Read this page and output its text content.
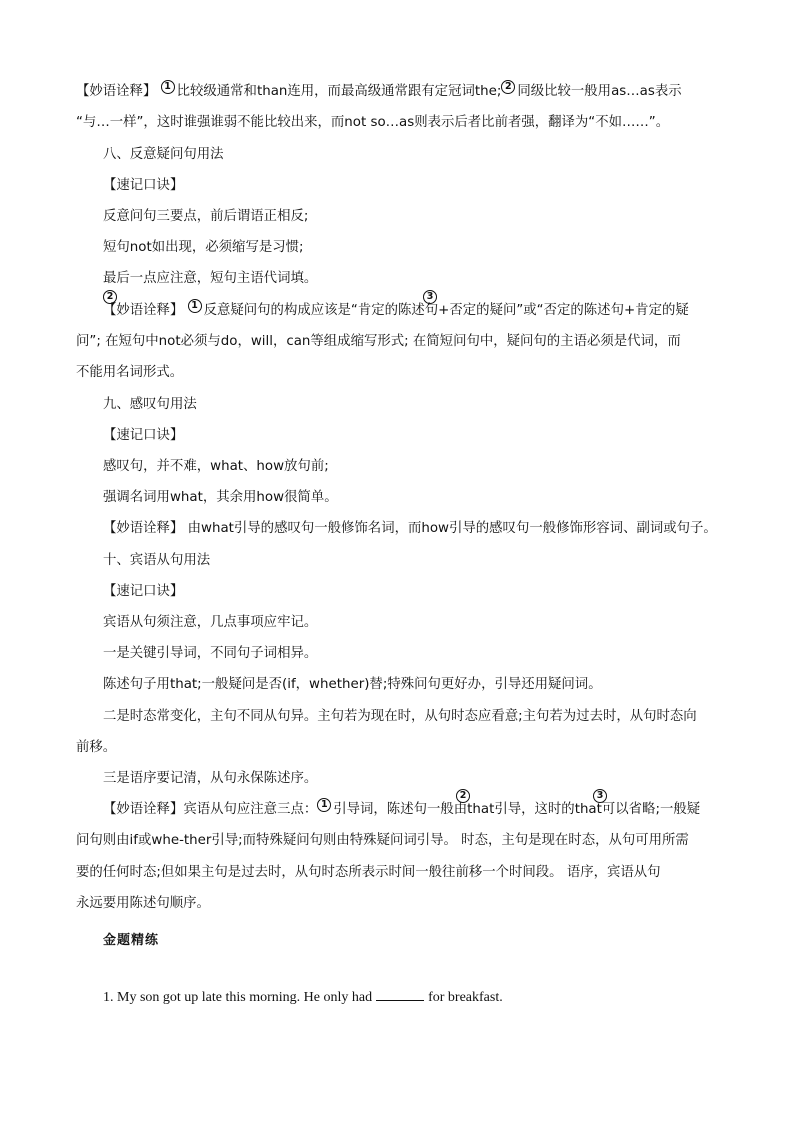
【妙语诠释】 1 比较级通常和than连用，而最高级通常跟有定冠词the; 2 同级比较一般用as…as表示
“与…一样”，这时谁强谁弱不能比较出来，而not so…as则表示后者比前者强，翻译为“不如……”。
八、反意疑问句用法
【速记口诀】
反意问句三要点，前后谓语正相反;
短句not如出现，必须缩写是习惯;
最后一点应注意，短句主语代词填。
2	3
【妙语诠释】 1 反意疑问句的构成应该是“肯定的陈述句+否定的疑问”或“否定的陈述句+肯定的疑
问”; 在短句中not必须与do，will，can等组成缩写形式; 在简短问句中，疑问句的主语必须是代词，而
不能用名词形式。
九、感叹句用法
【速记口诀】
感叹句，并不难，what、how放句前;
强调名词用what，其余用how很简单。
【妙语诠释】 由what引导的感叹句一般修饰名词，而how引导的感叹句一般修饰形容词、副词或句子。
十、宾语从句用法
【速记口诀】
宾语从句须注意，几点事项应牢记。
一是关键引导词，不同句子词相异。
陈述句子用that;一般疑问是否(if，whether)替;特殊问句更好办，引导还用疑问词。
二是时态常变化，主句不同从句异。主句若为现在时，从句时态应看意;主句若为过去时，从句时态向
前移。
三是语序要记清，从句永保陈述序。
2	3
【妙语诠释】宾语从句应注意三点： 1 引导词，陈述句一般由that引导，这时的that可以省略;一般疑
问句则由if或whe-ther引导;而特殊疑问句则由特殊疑问词引导。 时态，主句是现在时态，从句可用所需
要的任何时态;但如果主句是过去时，从句时态所表示时间一般往前移一个时间段。 语序，宾语从句
永远要用陈述句顺序。
金题精练
1. My son got up late this morning. He only had	for breakfast.
